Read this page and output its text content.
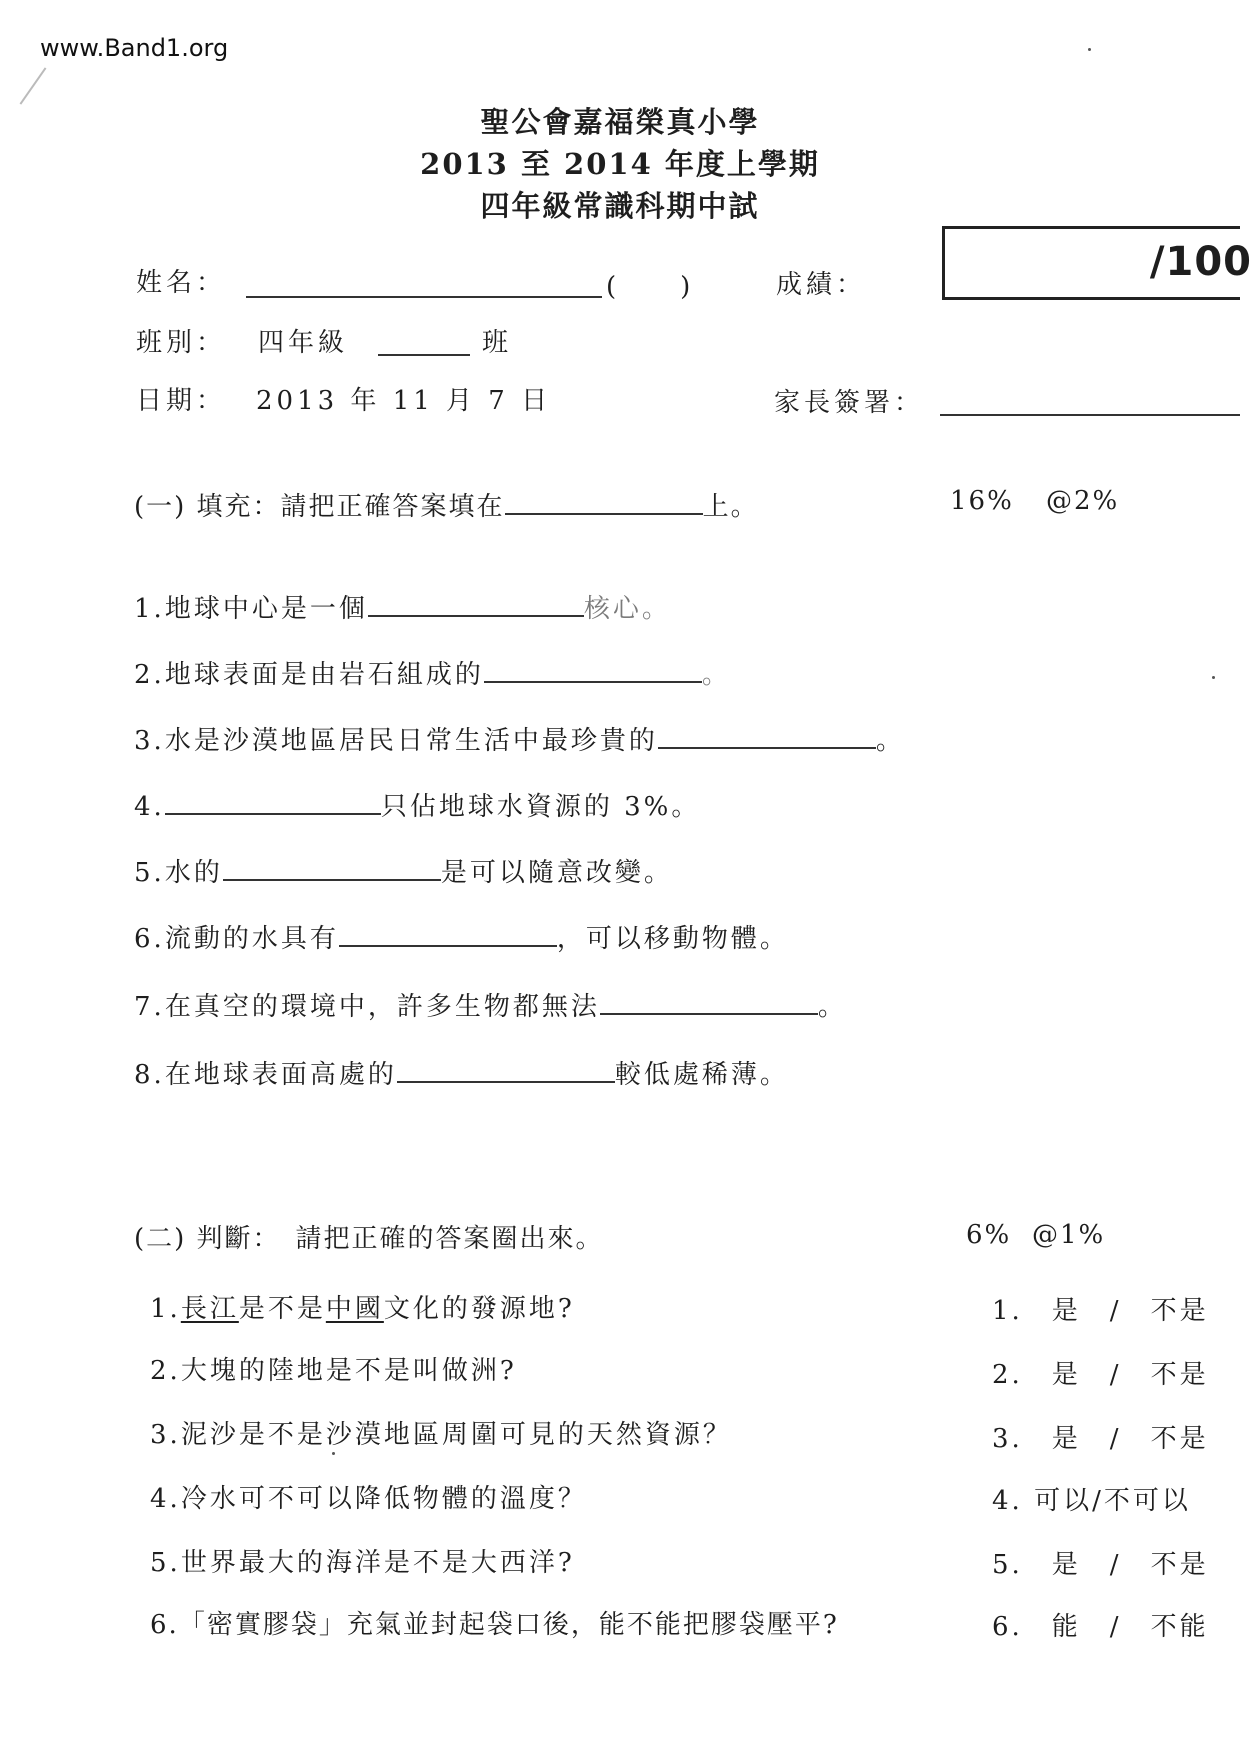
www.Band1.org
聖公會嘉福榮真小學
2013 至 2014 年度上學期
四年級常識科期中試
姓名：	(　　)	成績：	/100
班別： 四年級	班
日期： 2013 年 11 月 7 日	家長簽署：
(一) 填充：請把正確答案填在	上。	16% @2%
1.地球中心是一個	核心。
2.地球表面是由岩石組成的	。
3.水是沙漠地區居民日常生活中最珍貴的	。
4.	只佔地球水資源的 3%。
5.水的	是可以隨意改變。
6.流動的水具有	，可以移動物體。
7.在真空的環境中，許多生物都無法	。
8.在地球表面高處的	較低處稀薄。
(二) 判斷：　請把正確的答案圈出來。	6% @1%
1.長江是不是中國文化的發源地?	1.　是　/　不是
2.大塊的陸地是不是叫做洲?	2.　是　/　不是
3.泥沙是不是沙漠地區周圍可見的天然資源？	3.　是　/　不是
4.冷水可不可以降低物體的溫度？	4. 可以/不可以
5.世界最大的海洋是不是大西洋?	5.　是　/　不是
6.「密實膠袋」充氣並封起袋口後，能不能把膠袋壓平?	6.　能　/　不能
